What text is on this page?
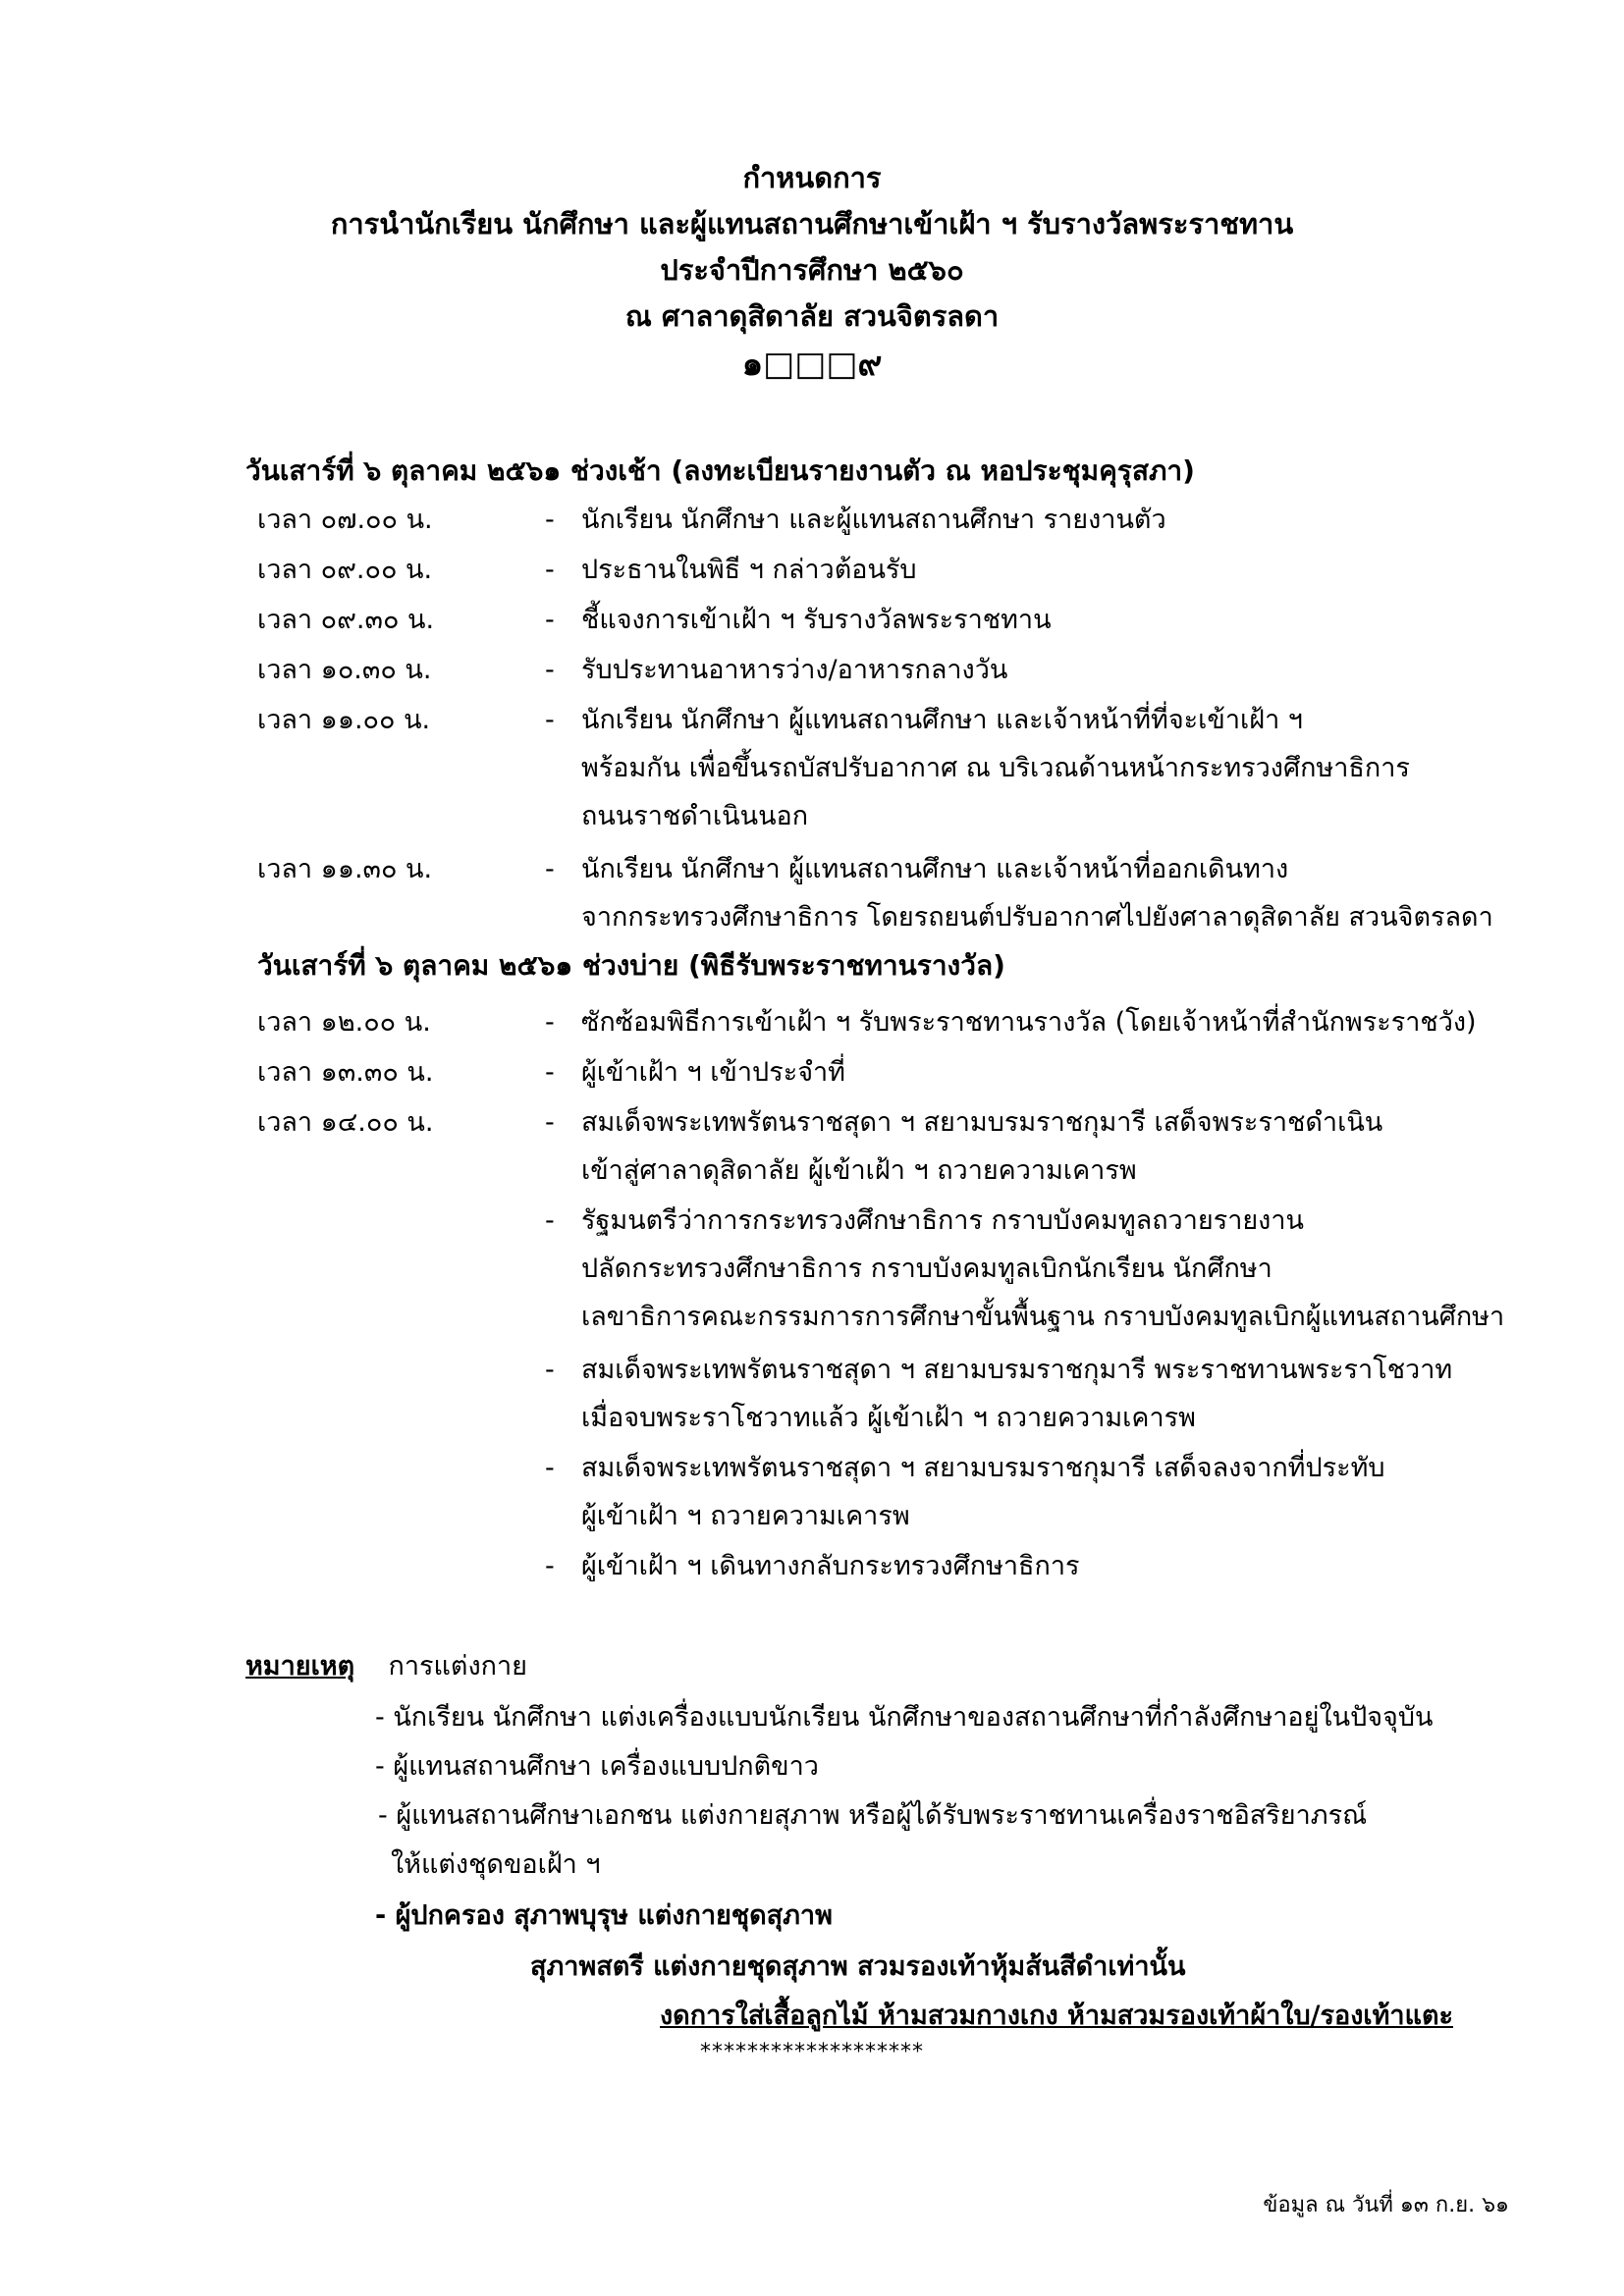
กำหนดการ
การนำนักเรียน นักศึกษา และผู้แทนสถานศึกษาเข้าเฝ้า ฯ รับรางวัลพระราชทาน
ประจำปีการศึกษา ๒๕๖๐
ณ ศาลาดุสิดาลัย สวนจิตรลดา
๑□□□๙
วันเสาร์ที่ ๖ ตุลาคม ๒๕๖๑ ช่วงเช้า (ลงทะเบียนรายงานตัว ณ หอประชุมคุรุสภา)
เวลา ๐๗.๐๐ น.	- นักเรียน นักศึกษา และผู้แทนสถานศึกษา รายงานตัว
เวลา ๐๙.๐๐ น.	- ประธานในพิธี ฯ กล่าวต้อนรับ
เวลา ๐๙.๓๐ น.	- ชี้แจงการเข้าเฝ้า ฯ รับรางวัลพระราชทาน
เวลา ๑๐.๓๐ น.	- รับประทานอาหารว่าง/อาหารกลางวัน
เวลา ๑๑.๐๐ น.	- นักเรียน นักศึกษา ผู้แทนสถานศึกษา และเจ้าหน้าที่ที่จะเข้าเฝ้า ฯ
พร้อมกัน เพื่อขึ้นรถบัสปรับอากาศ ณ บริเวณด้านหน้ากระทรวงศึกษาธิการ
ถนนราชดำเนินนอก
เวลา ๑๑.๓๐ น.	- นักเรียน นักศึกษา ผู้แทนสถานศึกษา และเจ้าหน้าที่ออกเดินทาง
จากกระทรวงศึกษาธิการ โดยรถยนต์ปรับอากาศไปยังศาลาดุสิดาลัย สวนจิตรลดา
วันเสาร์ที่ ๖ ตุลาคม ๒๕๖๑ ช่วงบ่าย (พิธีรับพระราชทานรางวัล)
เวลา ๑๒.๐๐ น.	- ซักซ้อมพิธีการเข้าเฝ้า ฯ รับพระราชทานรางวัล (โดยเจ้าหน้าที่สำนักพระราชวัง)
เวลา ๑๓.๓๐ น.	- ผู้เข้าเฝ้า ฯ เข้าประจำที่
เวลา ๑๔.๐๐ น.	- สมเด็จพระเทพรัตนราชสุดา ฯ สยามบรมราชกุมารี เสด็จพระราชดำเนิน
เข้าสู่ศาลาดุสิดาลัย ผู้เข้าเฝ้า ฯ ถวายความเคารพ
- รัฐมนตรีว่าการกระทรวงศึกษาธิการ กราบบังคมทูลถวายรายงาน
ปลัดกระทรวงศึกษาธิการ กราบบังคมทูลเบิกนักเรียน นักศึกษา
เลขาธิการคณะกรรมการการศึกษาขั้นพื้นฐาน กราบบังคมทูลเบิกผู้แทนสถานศึกษา
- สมเด็จพระเทพรัตนราชสุดา ฯ สยามบรมราชกุมารี พระราชทานพระราโชวาท
เมื่อจบพระราโชวาทแล้ว ผู้เข้าเฝ้า ฯ ถวายความเคารพ
- สมเด็จพระเทพรัตนราชสุดา ฯ สยามบรมราชกุมารี เสด็จลงจากที่ประทับ
ผู้เข้าเฝ้า ฯ ถวายความเคารพ
- ผู้เข้าเฝ้า ฯ เดินทางกลับกระทรวงศึกษาธิการ
หมายเหตุ การแต่งกาย
- นักเรียน นักศึกษา แต่งเครื่องแบบนักเรียน นักศึกษาของสถานศึกษาที่กำลังศึกษาอยู่ในปัจจุบัน
- ผู้แทนสถานศึกษา เครื่องแบบปกติขาว
- ผู้แทนสถานศึกษาเอกชน แต่งกายสุภาพ หรือผู้ได้รับพระราชทานเครื่องราชอิสริยาภรณ์
ให้แต่งชุดขอเฝ้า ฯ
- ผู้ปกครอง สุภาพบุรุษ แต่งกายชุดสุภาพ
สุภาพสตรี แต่งกายชุดสุภาพ สวมรองเท้าหุ้มส้นสีดำเท่านั้น
งดการใส่เสื้อลูกไม้ ห้ามสวมกางเกง ห้ามสวมรองเท้าผ้าใบ/รองเท้าแตะ
*******************
ข้อมูล ณ วันที่ ๑๓ ก.ย. ๖๑
